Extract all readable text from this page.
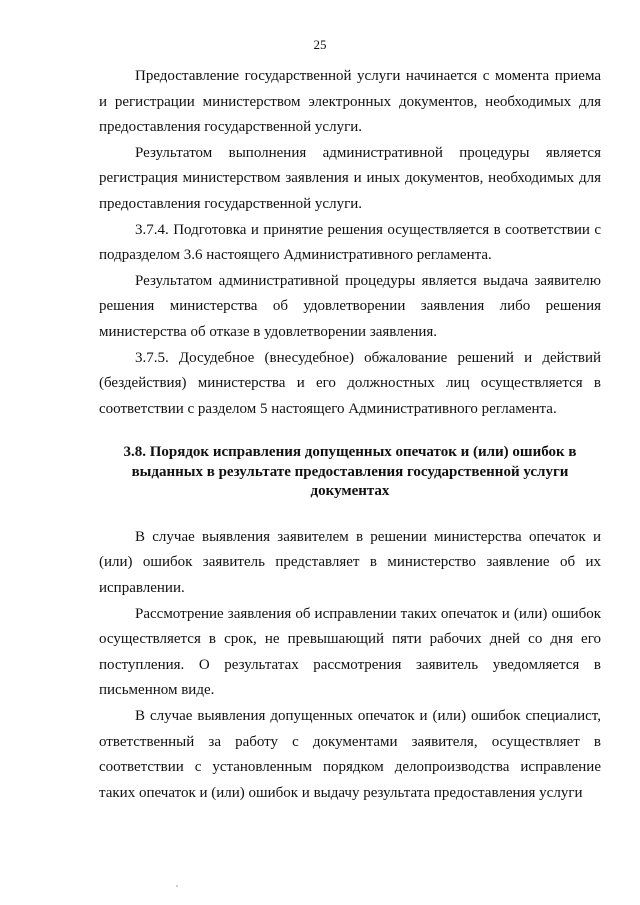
25

Предоставление государственной услуги начинается с момента приема и регистрации министерством электронных документов, необходимых для предоставления государственной услуги.

Результатом выполнения административной процедуры является регистрация министерством заявления и иных документов, необходимых для предоставления государственной услуги.

3.7.4. Подготовка и принятие решения осуществляется в соответствии с подразделом 3.6 настоящего Административного регламента.

Результатом административной процедуры является выдача заявителю решения министерства об удовлетворении заявления либо решения министерства об отказе в удовлетворении заявления.

3.7.5. Досудебное (внесудебное) обжалование решений и действий (бездействия) министерства и его должностных лиц осуществляется в соответствии с разделом 5 настоящего Административного регламента.

3.8. Порядок исправления допущенных опечаток и (или) ошибок в выданных в результате предоставления государственной услуги документах

В случае выявления заявителем в решении министерства опечаток и (или) ошибок заявитель представляет в министерство заявление об их исправлении.

Рассмотрение заявления об исправлении таких опечаток и (или) ошибок осуществляется в срок, не превышающий пяти рабочих дней со дня его поступления. О результатах рассмотрения заявитель уведомляется в письменном виде.

В случае выявления допущенных опечаток и (или) ошибок специалист, ответственный за работу с документами заявителя, осуществляет в соответствии с установленным порядком делопроизводства исправление таких опечаток и (или) ошибок и выдачу результата предоставления услуги
